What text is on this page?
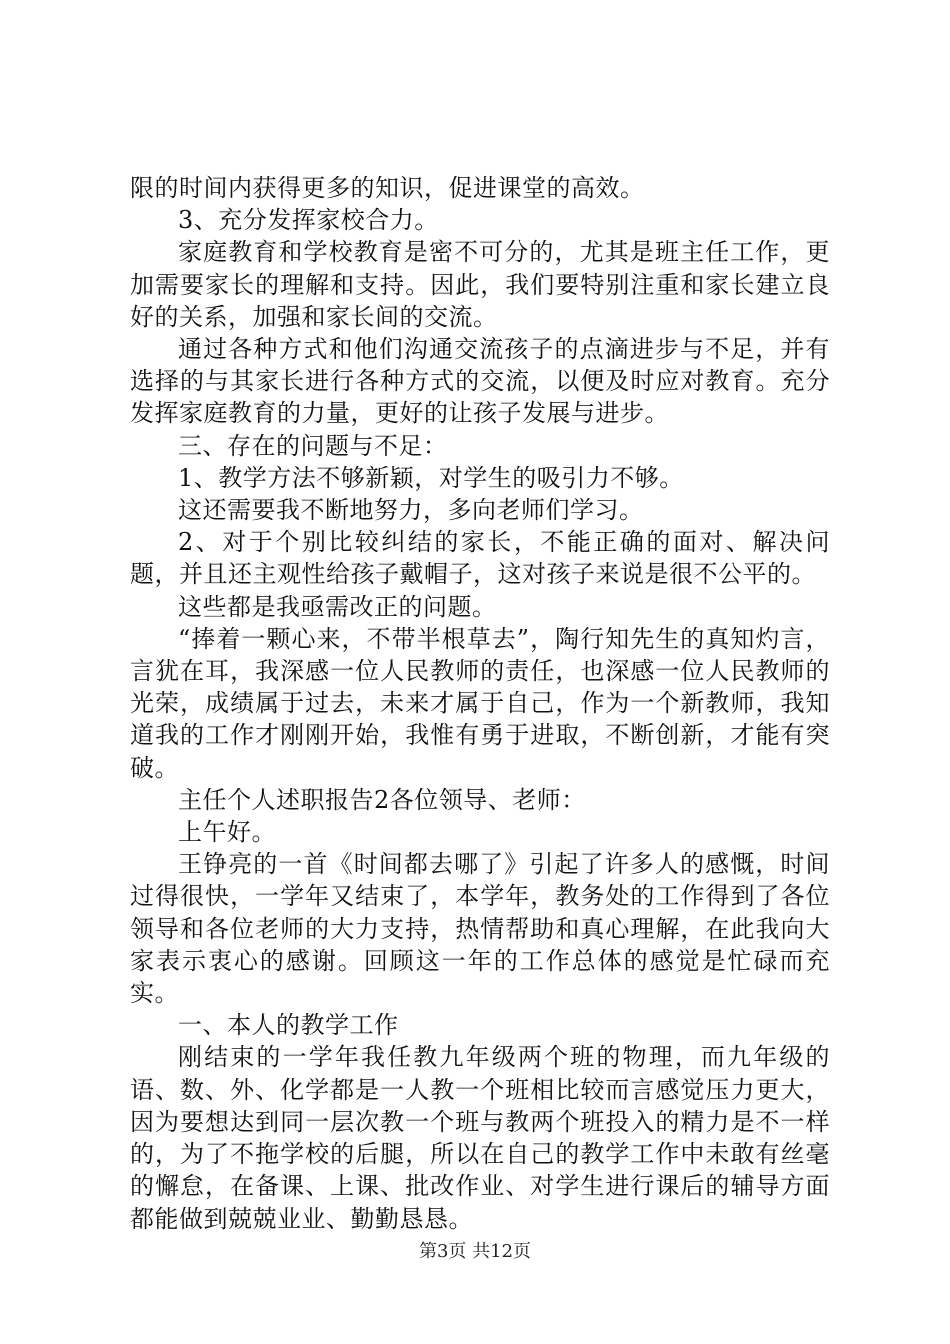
限的时间内获得更多的知识，促进课堂的高效。

3、充分发挥家校合力。

家庭教育和学校教育是密不可分的，尤其是班主任工作，更加需要家长的理解和支持。因此，我们要特别注重和家长建立良好的关系，加强和家长间的交流。

通过各种方式和他们沟通交流孩子的点滴进步与不足，并有选择的与其家长进行各种方式的交流，以便及时应对教育。充分发挥家庭教育的力量，更好的让孩子发展与进步。

三、存在的问题与不足：

1、教学方法不够新颖，对学生的吸引力不够。

这还需要我不断地努力，多向老师们学习。

2、对于个别比较纠结的家长，不能正确的面对、解决问题，并且还主观性给孩子戴帽子，这对孩子来说是很不公平的。

这些都是我亟需改正的问题。

“捧着一颗心来，不带半根草去”，陶行知先生的真知灼言，言犹在耳，我深感一位人民教师的责任，也深感一位人民教师的光荣，成绩属于过去，未来才属于自己，作为一个新教师，我知道我的工作才刚刚开始，我惟有勇于进取，不断创新，才能有突破。

主任个人述职报告2各位领导、老师：

上午好。

王铮亮的一首《时间都去哪了》引起了许多人的感慨，时间过得很快，一学年又结束了，本学年，教务处的工作得到了各位领导和各位老师的大力支持，热情帮助和真心理解，在此我向大家表示衷心的感谢。回顾这一年的工作总体的感觉是忙碌而充实。

一、本人的教学工作

刚结束的一学年我任教九年级两个班的物理，而九年级的语、数、外、化学都是一人教一个班相比较而言感觉压力更大，因为要想达到同一层次教一个班与教两个班投入的精力是不一样的，为了不拖学校的后腿，所以在自己的教学工作中未敢有丝毫的懈怠，在备课、上课、批改作业、对学生进行课后的辅导方面都能做到兢兢业业、勤勤恳恳。

第3页 共12页
